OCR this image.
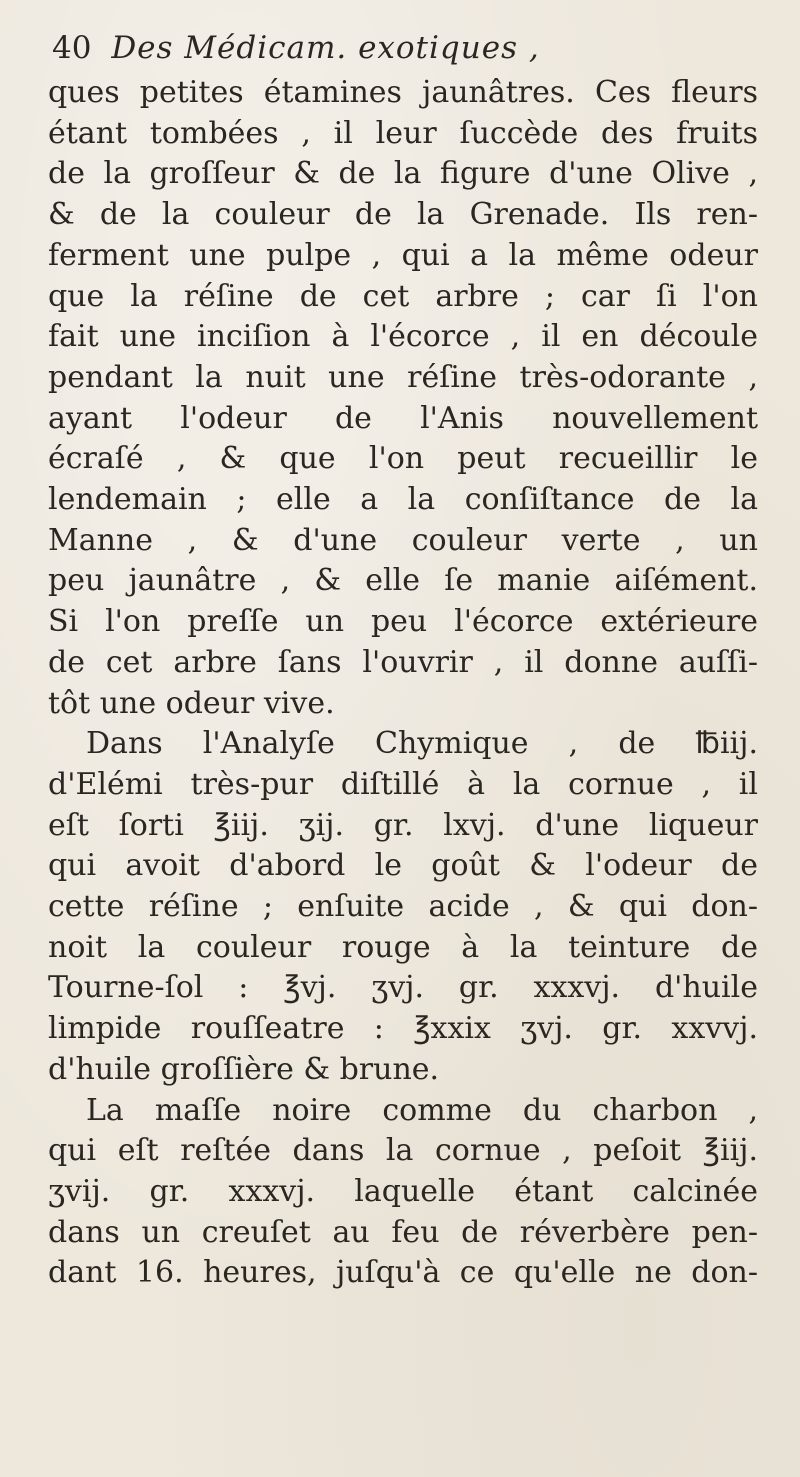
40 Des Médicam. exotiques ,
ques petites étamines jaunâtres. Ces fleurs
étant tombées , il leur ſuccède des fruits
de la groſſeur & de la figure d'une Olive ,
& de la couleur de la Grenade. Ils ren-
ferment une pulpe , qui a la même odeur
que la réſine de cet arbre ; car ſi l'on
fait une inciſion à l'écorce , il en découle
pendant la nuit une réſine très-odorante ,
ayant l'odeur de l'Anis nouvellement
écraſé , & que l'on peut recueillir le
lendemain ; elle a la conſiſtance de la
Manne , & d'une couleur verte , un
peu jaunâtre , & elle ſe manie aiſément.
Si l'on preſſe un peu l'écorce extérieure
de cet arbre ſans l'ouvrir , il donne auſſi-
tôt une odeur vive.
Dans l'Analyſe Chymique , de ℔iij.
d'Elémi très-pur diſtillé à la cornue , il
eſt ſorti ℥iij. ʒij. gr. lxvj. d'une liqueur
qui avoit d'abord le goût & l'odeur de
cette réſine ; enſuite acide , & qui don-
noit la couleur rouge à la teinture de
Tourne-ſol : ℥vj. ʒvj. gr. xxxvj. d'huile
limpide rouſſeatre : ℥xxix ʒvj. gr. xxvvj.
d'huile groſſière & brune.
La maſſe noire comme du charbon ,
qui eſt reſtée dans la cornue , peſoit ℥iij.
ʒvij. gr. xxxvj. laquelle étant calcinée
dans un creuſet au feu de réverbère pen-
dant 16. heures, juſqu'à ce qu'elle ne don-
